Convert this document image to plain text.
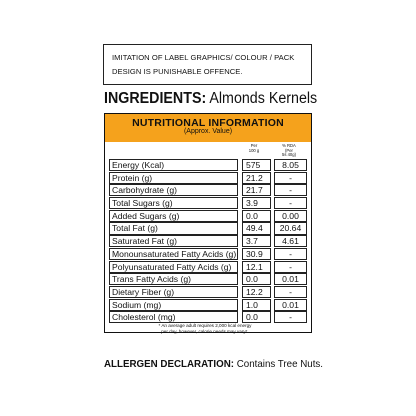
IMITATION OF LABEL GRAPHICS/ COLOUR / PACK
DESIGN IS PUNISHABLE OFFENCE.
INGREDIENTS: Almonds Kernels
NUTRITIONAL INFORMATION
(Approx. Value)
Per
100 g
% RDA
(Per
5s 40g)
Energy (Kcal)	575	8.05
Protein (g)	21.2	-
Carbohydrate (g)	21.7	-
Total Sugars (g)	3.9	-
Added Sugars (g)	0.0	0.00
Total Fat (g)	49.4	20.64
Saturated Fat (g)	3.7	4.61
Monounsaturated Fatty Acids (g)	30.9	-
Polyunsaturated Fatty Acids (g)	12.1	-
Trans Fatty Acids (g)	0.0	0.01
Dietary Fiber (g)	12.2	-
Sodium (mg)	1.0	0.01
Cholesterol (mg)	0.0	-
* An average adult requires 2,000 kcal energy
per day, however, calorie needs may vary*.
ALLERGEN DECLARATION: Contains Tree Nuts.
